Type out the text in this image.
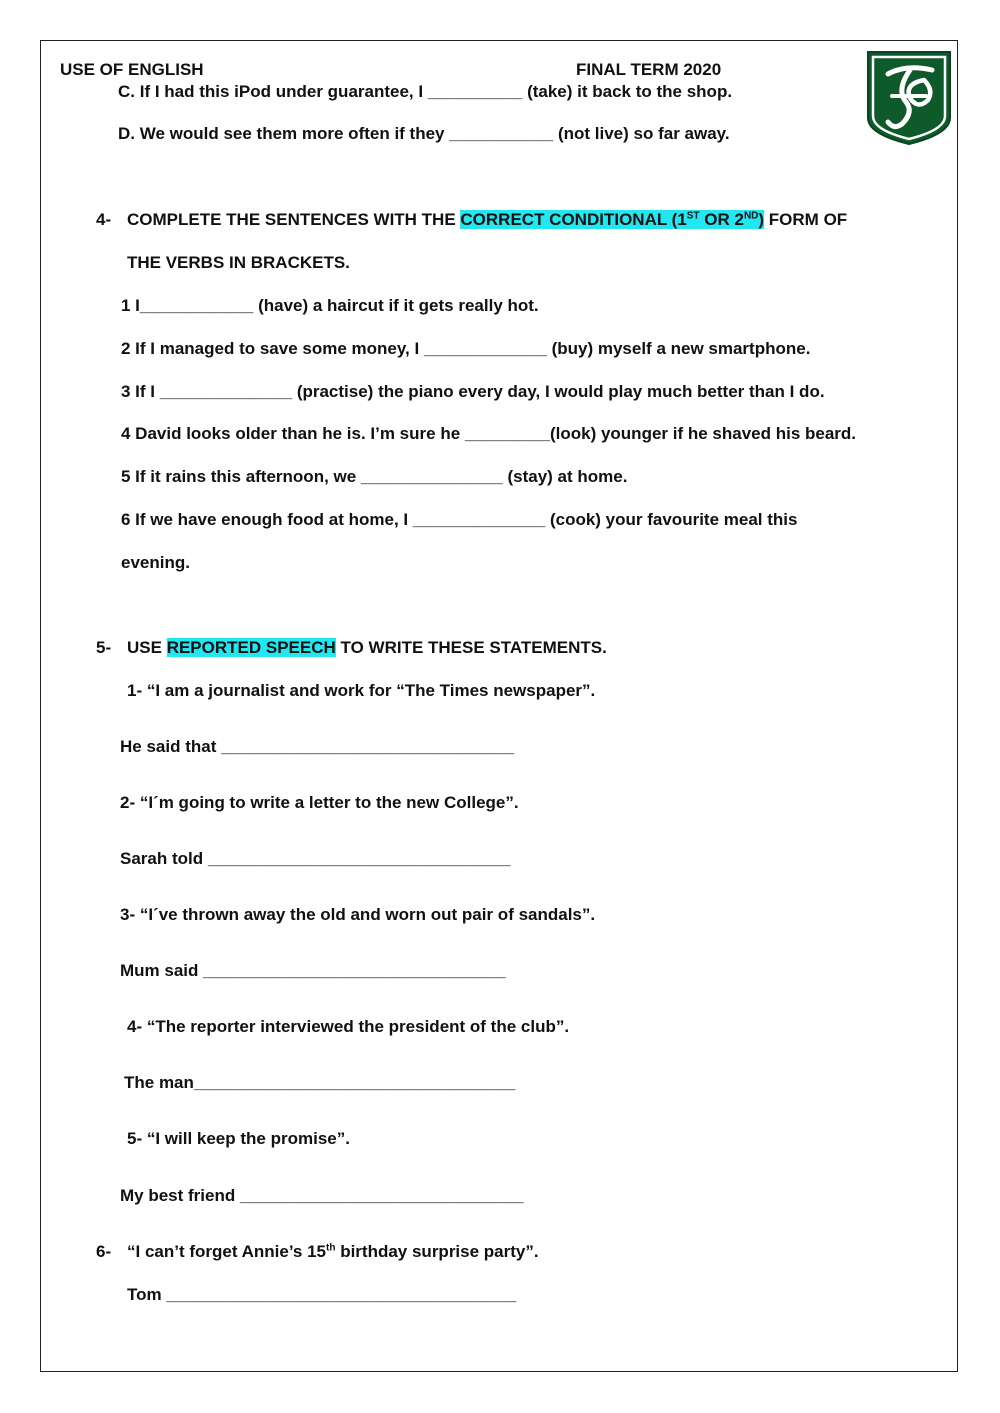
USE OF ENGLISH	FINAL TERM 2020
C. If I had this iPod under guarantee, I __________ (take) it back to the shop.
D. We would see them more often if they ___________ (not live) so far away.
4- COMPLETE THE SENTENCES WITH THE CORRECT CONDITIONAL (1ST OR 2ND) FORM OF
THE VERBS IN BRACKETS.
1 I____________ (have) a haircut if it gets really hot.
2 If I managed to save some money, I _____________ (buy) myself a new smartphone.
3 If I ______________ (practise) the piano every day, I would play much better than I do.
4 David looks older than he is. I’m sure he _________(look) younger if he shaved his beard.
5 If it rains this afternoon, we _______________ (stay) at home.
6 If we have enough food at home, I ______________ (cook) your favourite meal this
evening.
5- USE REPORTED SPEECH TO WRITE THESE STATEMENTS.
1- “I am a journalist and work for “The Times newspaper”.
He said that _______________________________
2- “I´m going to write a letter to the new College”.
Sarah told ________________________________
3- “I´ve thrown away the old and worn out pair of sandals”.
Mum said ________________________________
4- “The reporter interviewed the president of the club”.
The man__________________________________
5- “I will keep the promise”.
My best friend ______________________________
6- “I can’t forget Annie’s 15th birthday surprise party”.
Tom _____________________________________
